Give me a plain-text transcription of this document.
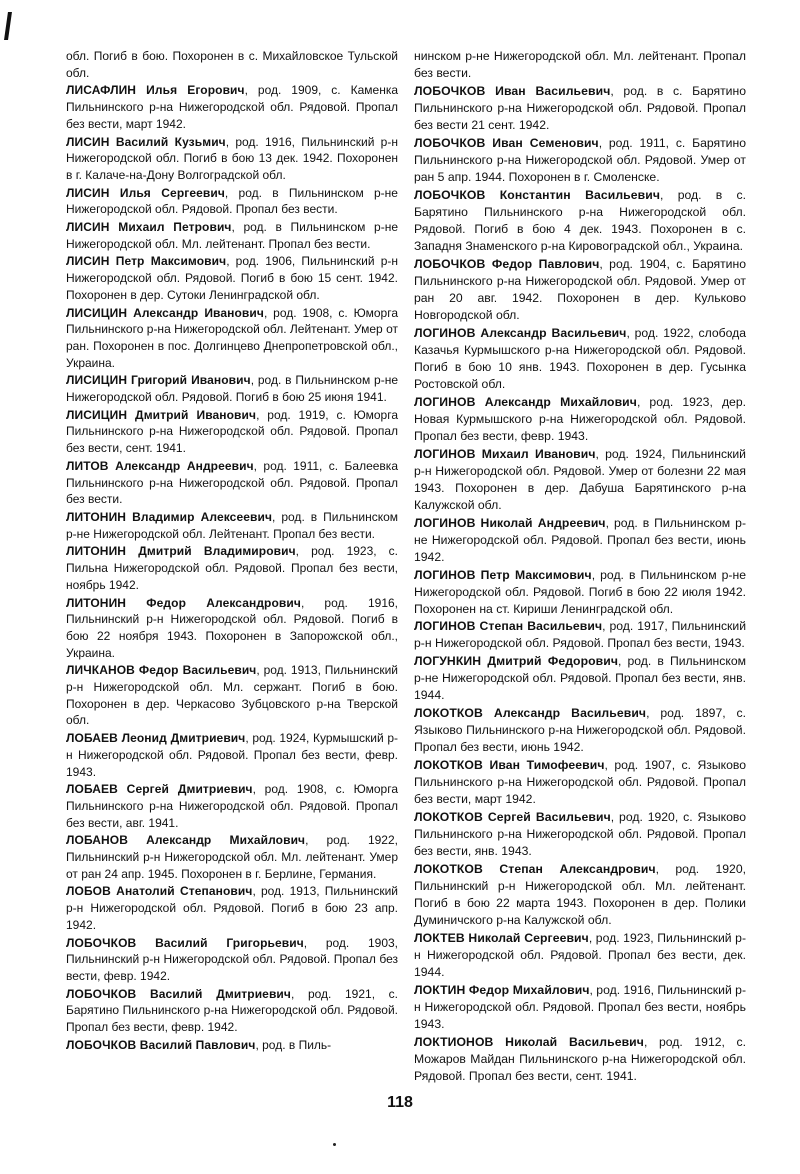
обл. Погиб в бою. Похоронен в с. Михайловское Тульской обл.
ЛИСАФЛИН Илья Егорович, род. 1909, с. Каменка Пильнинского р-на Нижегородской обл. Рядовой. Пропал без вести, март 1942.
ЛИСИН Василий Кузьмич, род. 1916, Пильнинский р-н Нижегородской обл. Погиб в бою 13 дек. 1942. Похоронен в г. Калаче-на-Дону Волгоградской обл.
ЛИСИН Илья Сергеевич, род. в Пильнинском р-не Нижегородской обл. Рядовой. Пропал без вести.
ЛИСИН Михаил Петрович, род. в Пильнинском р-не Нижегородской обл. Мл. лейтенант. Пропал без вести.
ЛИСИН Петр Максимович, род. 1906, Пильнинский р-н Нижегородской обл. Рядовой. Погиб в бою 15 сент. 1942. Похоронен в дер. Сутоки Ленинградской обл.
ЛИСИЦИН Александр Иванович, род. 1908, с. Юморга Пильнинского р-на Нижегородской обл. Лейтенант. Умер от ран. Похоронен в пос. Долгинцево Днепропетровской обл., Украина.
ЛИСИЦИН Григорий Иванович, род. в Пильнинском р-не Нижегородской обл. Рядовой. Погиб в бою 25 июня 1941.
ЛИСИЦИН Дмитрий Иванович, род. 1919, с. Юморга Пильнинского р-на Нижегородской обл. Рядовой. Пропал без вести, сент. 1941.
ЛИТОВ Александр Андреевич, род. 1911, с. Балеевка Пильнинского р-на Нижегородской обл. Рядовой. Пропал без вести.
ЛИТОНИН Владимир Алексеевич, род. в Пильнинском р-не Нижегородской обл. Лейтенант. Пропал без вести.
ЛИТОНИН Дмитрий Владимирович, род. 1923, с. Пильна Нижегородской обл. Рядовой. Пропал без вести, ноябрь 1942.
ЛИТОНИН Федор Александрович, род. 1916, Пильнинский р-н Нижегородской обл. Рядовой. Погиб в бою 22 ноября 1943. Похоронен в Запорожской обл., Украина.
ЛИЧКАНОВ Федор Васильевич, род. 1913, Пильнинский р-н Нижегородской обл. Мл. сержант. Погиб в бою. Похоронен в дер. Черкасово Зубцовского р-на Тверской обл.
ЛОБАЕВ Леонид Дмитриевич, род. 1924, Курмышский р-н Нижегородской обл. Рядовой. Пропал без вести, февр. 1943.
ЛОБАЕВ Сергей Дмитриевич, род. 1908, с. Юморга Пильнинского р-на Нижегородской обл. Рядовой. Пропал без вести, авг. 1941.
ЛОБАНОВ Александр Михайлович, род. 1922, Пильнинский р-н Нижегородской обл. Мл. лейтенант. Умер от ран 24 апр. 1945. Похоронен в г. Берлине, Германия.
ЛОБОВ Анатолий Степанович, род. 1913, Пильнинский р-н Нижегородской обл. Рядовой. Погиб в бою 23 апр. 1942.
ЛОБОЧКОВ Василий Григорьевич, род. 1903, Пильнинский р-н Нижегородской обл. Рядовой. Пропал без вести, февр. 1942.
ЛОБОЧКОВ Василий Дмитриевич, род. 1921, с. Барятино Пильнинского р-на Нижегородской обл. Рядовой. Пропал без вести, февр. 1942.
ЛОБОЧКОВ Василий Павлович, род. в Пиль-
нинском р-не Нижегородской обл. Мл. лейтенант. Пропал без вести.
ЛОБОЧКОВ Иван Васильевич, род. в с. Барятино Пильнинского р-на Нижегородской обл. Рядовой. Пропал без вести 21 сент. 1942.
ЛОБОЧКОВ Иван Семенович, род. 1911, с. Барятино Пильнинского р-на Нижегородской обл. Рядовой. Умер от ран 5 апр. 1944. Похоронен в г. Смоленске.
ЛОБОЧКОВ Константин Васильевич, род. в с. Барятино Пильнинского р-на Нижегородской обл. Рядовой. Погиб в бою 4 дек. 1943. Похоронен в с. Западня Знаменского р-на Кировоградской обл., Украина.
ЛОБОЧКОВ Федор Павлович, род. 1904, с. Барятино Пильнинского р-на Нижегородской обл. Рядовой. Умер от ран 20 авг. 1942. Похоронен в дер. Кульково Новгородской обл.
ЛОГИНОВ Александр Васильевич, род. 1922, слобода Казачья Курмышского р-на Нижегородской обл. Рядовой. Погиб в бою 10 янв. 1943. Похоронен в дер. Гусынка Ростовской обл.
ЛОГИНОВ Александр Михайлович, род. 1923, дер. Новая Курмышского р-на Нижегородской обл. Рядовой. Пропал без вести, февр. 1943.
ЛОГИНОВ Михаил Иванович, род. 1924, Пильнинский р-н Нижегородской обл. Рядовой. Умер от болезни 22 мая 1943. Похоронен в дер. Дабуша Барятинского р-на Калужской обл.
ЛОГИНОВ Николай Андреевич, род. в Пильнинском р-не Нижегородской обл. Рядовой. Пропал без вести, июнь 1942.
ЛОГИНОВ Петр Максимович, род. в Пильнинском р-не Нижегородской обл. Рядовой. Погиб в бою 22 июля 1942. Похоронен на ст. Кириши Ленинградской обл.
ЛОГИНОВ Степан Васильевич, род. 1917, Пильнинский р-н Нижегородской обл. Рядовой. Пропал без вести, 1943.
ЛОГУНКИН Дмитрий Федорович, род. в Пильнинском р-не Нижегородской обл. Рядовой. Пропал без вести, янв. 1944.
ЛОКОТКОВ Александр Васильевич, род. 1897, с. Языково Пильнинского р-на Нижегородской обл. Рядовой. Пропал без вести, июнь 1942.
ЛОКОТКОВ Иван Тимофеевич, род. 1907, с. Языково Пильнинского р-на Нижегородской обл. Рядовой. Пропал без вести, март 1942.
ЛОКОТКОВ Сергей Васильевич, род. 1920, с. Языково Пильнинского р-на Нижегородской обл. Рядовой. Пропал без вести, янв. 1943.
ЛОКОТКОВ Степан Александрович, род. 1920, Пильнинский р-н Нижегородской обл. Мл. лейтенант. Погиб в бою 22 марта 1943. Похоронен в дер. Полики Думиничского р-на Калужской обл.
ЛОКТЕВ Николай Сергеевич, род. 1923, Пильнинский р-н Нижегородской обл. Рядовой. Пропал без вести, дек. 1944.
ЛОКТИН Федор Михайлович, род. 1916, Пильнинский р-н Нижегородской обл. Рядовой. Пропал без вести, ноябрь 1943.
ЛОКТИОНОВ Николай Васильевич, род. 1912, с. Можаров Майдан Пильнинского р-на Нижегородской обл. Рядовой. Пропал без вести, сент. 1941.
118
